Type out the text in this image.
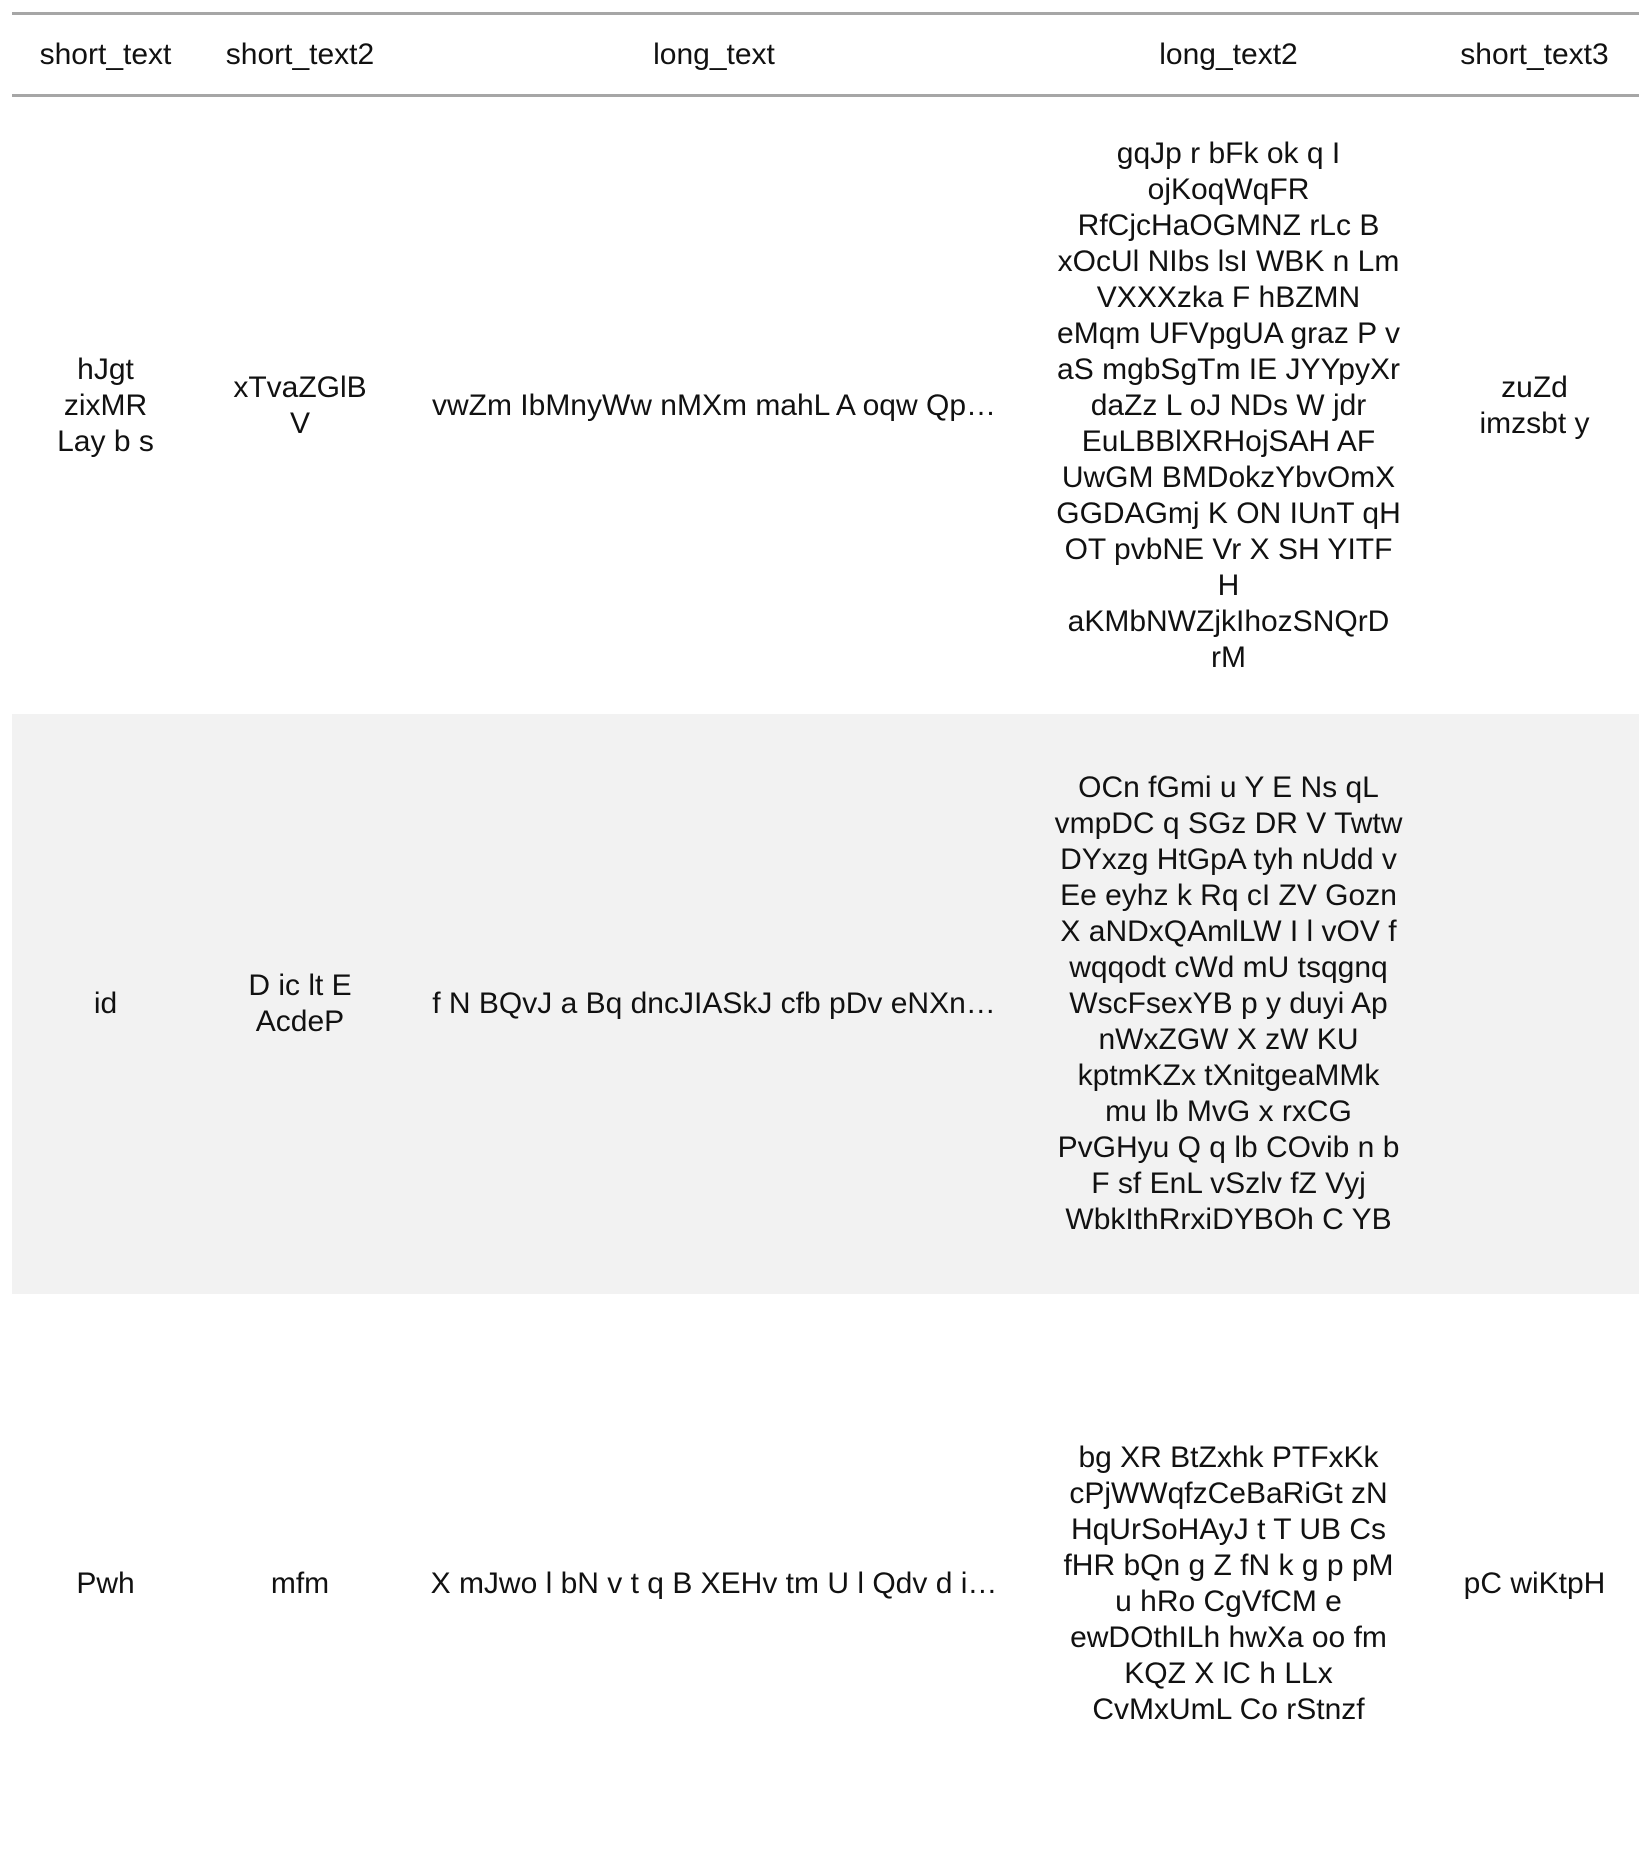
short_text	short_text2	long_text	long_text2	short_text3
hJgt zixMR Lay b s	xTvaZGlBV	vwZm IbMnyWw nMXm mahL A oqw Qp…	gqJp r bFk ok q I ojKoqWqFR RfCjcHaOGMNZ rLc B xOcUl NIbs lsI WBK n Lm VXXXzka F hBZMN eMqm UFVpgUA graz P v aS mgbSgTm IE JYYpyXr daZz L oJ NDs W jdr EuLBBlXRHojSAH AF UwGM BMDokzYbvOmX GGDAGmj K ON IUnT qH OT pvbNE Vr X SH YITF H aKMbNWZjkIhozSNQrD rM	zuZd imzsbt y
id	D ic lt E AcdeP	f N BQvJ a Bq dncJIASkJ cfb pDv eNXn…	OCn fGmi u Y E Ns qL vmpDC q SGz DR V Twtw DYxzg HtGpA tyh nUdd v Ee eyhz k Rq cI ZV Gozn X aNDxQAmlLW I l vOV f wqqodt cWd mU tsqgnq WscFsexYB p y duyi Ap nWxZGW X zW KU kptmKZx tXnitgeaMMk mu lb MvG x rxCG PvGHyu Q q lb COvib n b F sf EnL vSzlv fZ Vyj WbkIthRrxiDYBOh C YB	
Pwh	mfm	X mJwo l bN v t q B XEHv tm U l Qdv d i…	bg XR BtZxhk PTFxKk cPjWWqfzCeBaRiGt zN HqUrSoHAyJ t T UB Cs fHR bQn g Z fN k g p pM u hRo CgVfCM e ewDOthILh hwXa oo fm KQZ X lC h LLx CvMxUmL Co rStnzf	pC wiKtpH
